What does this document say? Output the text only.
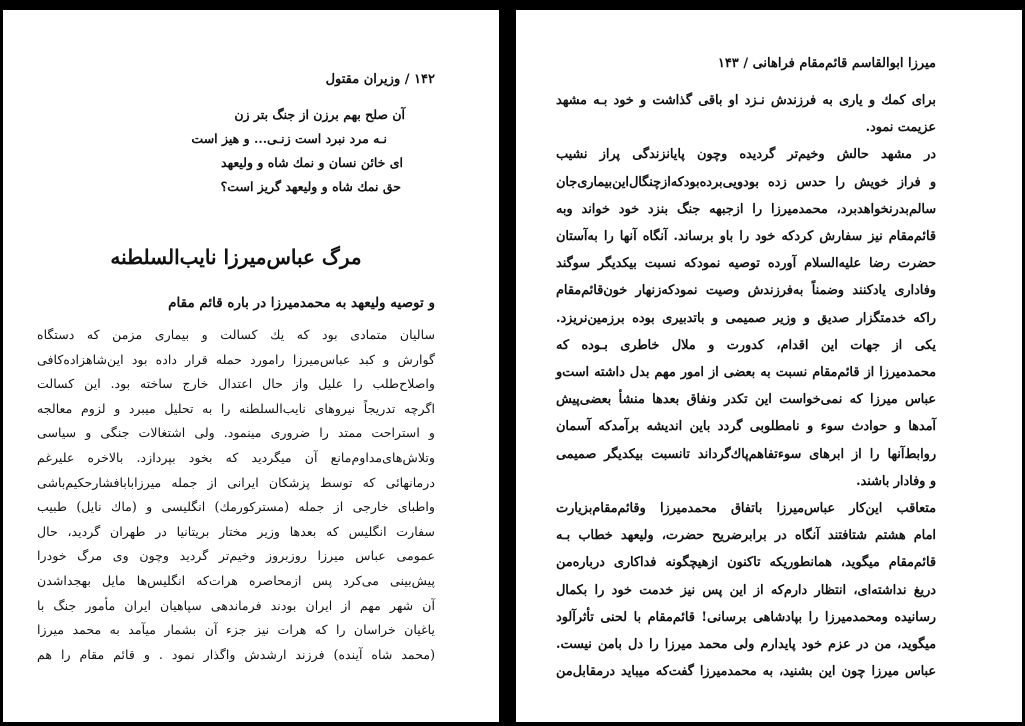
۱۴۲ / وزیران مقتول
آن صلح بهم برزن از جنگ بتر زن
نـه مرد نبرد است زنـی... و هیز است
ای خائن نسان و نمك شاه و ولیعهد
حق نمك شاه و ولیعهد گریز است؟
مرگ عباس‌میرزا نایب‌السلطنه
و توصیه ولیعهد به محمدمیرزا در باره قائم مقام
سالیان متمادی بود که یك کسالت و بیماری مزمن که دستگاه
گوارش و کبد عباس‌میرزا رامورد حمله قرار داده بود این‌شاهزاده‌کافی
واصلاح‌طلب را علیل واز حال اعتدال خارج ساخته بود. این کسالت
اگرچه تدریجاً نیروهای نایب‌السلطنه را به تحلیل میبرد و لزوم معالجه
و استراحت ممتد را ضروری مینمود. ولی اشتغالات جنگی و سیاسی
وتلاش‌های‌مداوم‌مانع آن میگردید که بخود بپردازد. بالاخره علیرغم
درمانهائی که توسط پزشکان ایرانی از جمله میرزابابافشارحکیم‌باشی
واطبای خارجی از جمله (مسترکورمك) انگلیسی و (ماك نایل) طبیب
سفارت انگلیس که بعدها وزیر مختار بریتانیا در طهران گردید، حال
عمومی عباس میرزا روزبروز وخیم‌تر گردید وچون وی مرگ خودرا
پیش‌بینی می‌کرد پس ازمحاصره هرات‌که انگلیس‌ها مایل بهجداشدن
آن شهر مهم از ایران بودند فرماندهی سپاهیان ایران مأمور جنگ با
یاغیان خراسان را که هرات نیز جزء آن بشمار میآمد به محمد میرزا
(محمد شاه آینده) فرزند ارشدش واگذار نمود . و قائم مقام را هم
میرزا ابوالقاسم قائم‌مقام فراهانی / ۱۴۳
برای کمك و یاری به فرزندش نـزد او باقی گذاشت و خود بـه مشهد
عزیمت نمود.
در مشهد حالش وخیم‌تر گردیده وچون پایانزندگی پراز نشیب
و فراز خویش را حدس زده بودویی‌برده‌بودکه‌ازچنگال‌این‌بیماری‌جان
سالم‌بدرنخواهدبرد، محمدمیرزا را ازجبهه جنگ بنزد خود خواند وبه
قائم‌مقام نیز سفارش کردکه خود را باو برساند. آنگاه آنها را به‌آستان
حضرت رضا علیه‌السلام آورده توصیه نمودکه نسبت بیکدیگر سوگند
وفاداری یادکنند وضمناً بەفرزندش وصیت نمودکەزنهار خون‌قائم‌مقام
راکه خدمتگزار صدیق و وزیر صمیمی و باتدبیری بوده برزمین‌نریزد.
یکی از جهات این اقدام، کدورت و ملال خاطری بـوده که
محمدمیرزا از قائم‌مقام نسبت به بعضی از امور مهم بدل داشته است‌و
عباس میرزا که نمی‌خواست این تکدر ونفاق بعدها منشأ بعضی‌پیش‌
آمدها و حوادث سوء و نامطلوبی گردد باین اندیشه برآمدکه آسمان
روابط‌آنها را از ابرهای سوءتفاهم‌پاك‌گرداند تانسبت بیکدیگر صمیمی
و وفادار باشند.
متعاقب این‌کار عباس‌میرزا باتفاق محمدمیرزا وقائم‌مقام‌بزیارت
امام هشتم شتافتند آنگاه در برابرضریح حضرت، ولیعهد خطاب بـه
قائم‌مقام میگوید، همانطوریکه تاکنون ازهیچگونه فداکاری دربارەمن
دریغ نداشته‌ای، انتظار دارم‌که از این پس نیز خدمت خود را بکمال
رسانیده ومحمدمیرزا را بپادشاهی برسانی! قائم‌مقام با لحنی تأثرآلود
میگوید، من در عزم خود پایدارم ولی محمد میرزا را دل بامن نیست.
عباس میرزا چون این بشنید، به محمدمیرزا گفت‌که میباید درمقابل‌من
